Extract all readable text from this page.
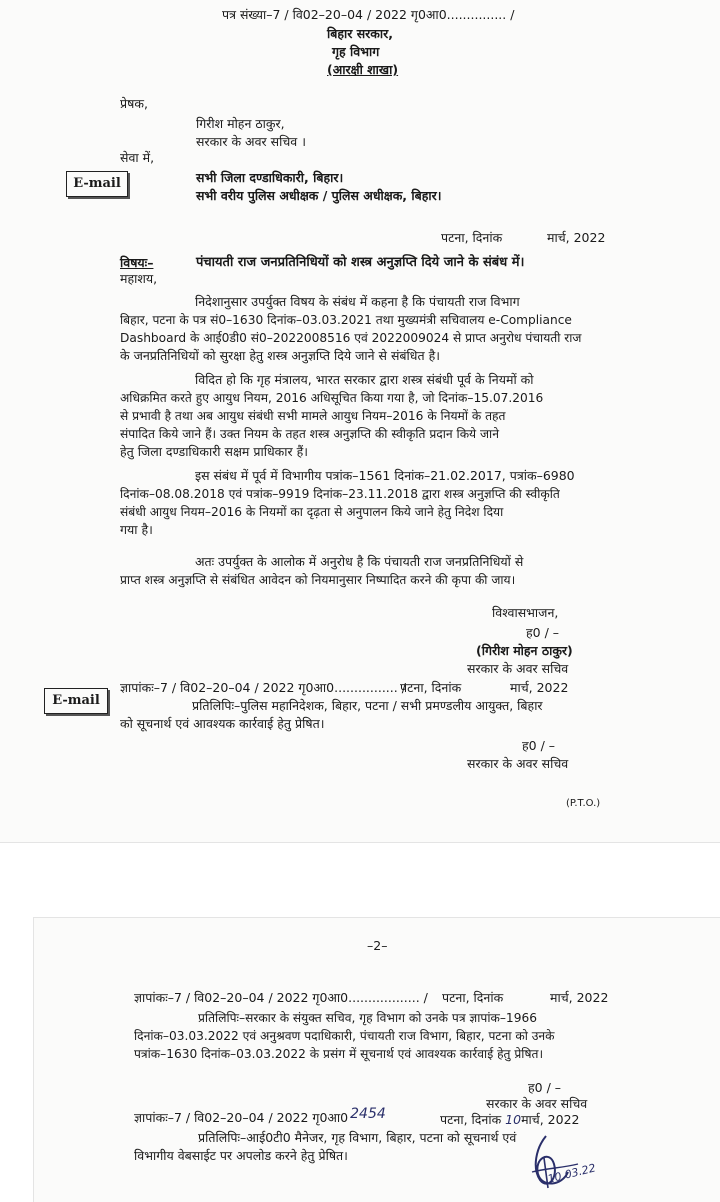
पत्र संख्या–7 / वि02–20–04 / 2022 गृ0आ0............... /
बिहार सरकार,
गृह विभाग
(आरक्षी शाखा)
प्रेषक,
गिरीश मोहन ठाकुर,
सरकार के अवर सचिव ।
सेवा में,
E-mail	सभी जिला दण्डाधिकारी, बिहार।
सभी वरीय पुलिस अधीक्षक / पुलिस अधीक्षक, बिहार।
पटना, दिनांक	मार्च, 2022
विषयः–	पंचायती राज जनप्रतिनिधियों को शस्त्र अनुज्ञप्ति दिये जाने के संबंध में।
महाशय,
निदेशानुसार उपर्युक्त विषय के संबंध में कहना है कि पंचायती राज विभाग
बिहार, पटना के पत्र सं0–1630 दिनांक–03.03.2021 तथा मुख्यमंत्री सचिवालय e-Compliance
Dashboard के आई0डी0 सं0–2022008516 एवं 2022009024 से प्राप्त अनुरोध पंचायती राज
के जनप्रतिनिधियों को सुरक्षा हेतु शस्त्र अनुज्ञप्ति दिये जाने से संबंधित है।
विदित हो कि गृह मंत्रालय, भारत सरकार द्वारा शस्त्र संबंधी पूर्व के नियमों को
अधिक्रमित करते हुए आयुध नियम, 2016 अधिसूचित किया गया है, जो दिनांक–15.07.2016
से प्रभावी है तथा अब आयुध संबंधी सभी मामले आयुध नियम–2016 के नियमों के तहत
संपादित किये जाने हैं। उक्त नियम के तहत शस्त्र अनुज्ञप्ति की स्वीकृति प्रदान किये जाने
हेतु जिला दण्डाधिकारी सक्षम प्राधिकार हैं।
इस संबंध में पूर्व में विभागीय पत्रांक–1561 दिनांक–21.02.2017, पत्रांक–6980
दिनांक–08.08.2018 एवं पत्रांक–9919 दिनांक–23.11.2018 द्वारा शस्त्र अनुज्ञप्ति की स्वीकृति
संबंधी आयुध नियम–2016 के नियमों का दृढ़ता से अनुपालन किये जाने हेतु निदेश दिया
गया है।
अतः उपर्युक्त के आलोक में अनुरोध है कि पंचायती राज जनप्रतिनिधियों से
प्राप्त शस्त्र अनुज्ञप्ति से संबंधित आवेदन को नियमानुसार निष्पादित करने की कृपा की जाय।
विश्वासभाजन,
ह0 / –
(गिरीश मोहन ठाकुर)
सरकार के अवर सचिव
E-mail
ज्ञापांकः–7 / वि02–20–04 / 2022 गृ0आ0................ /
पटना, दिनांक	मार्च, 2022
प्रतिलिपिः–पुलिस महानिदेशक, बिहार, पटना / सभी प्रमण्डलीय आयुक्त, बिहार
को सूचनार्थ एवं आवश्यक कार्रवाई हेतु प्रेषित।
ह0 / –
सरकार के अवर सचिव
(P.T.O.)
–2–
ज्ञापांकः–7 / वि02–20–04 / 2022 गृ0आ0.................. / पटना, दिनांक	मार्च, 2022
प्रतिलिपिः–सरकार के संयुक्त सचिव, गृह विभाग को उनके पत्र ज्ञापांक–1966
दिनांक–03.03.2022 एवं अनुश्रवण पदाधिकारी, पंचायती राज विभाग, बिहार, पटना को उनके
पत्रांक–1630 दिनांक–03.03.2022 के प्रसंग में सूचनार्थ एवं आवश्यक कार्रवाई हेतु प्रेषित।
ह0 / –
सरकार के अवर सचिव
ज्ञापांकः–7 / वि02–20–04 / 2022 गृ0आ0 2454	पटना, दिनांक 10मार्च, 2022
प्रतिलिपिः–आई0टी0 मैनेजर, गृह विभाग, बिहार, पटना को सूचनार्थ एवं
विभागीय वेबसाईट पर अपलोड करने हेतु प्रेषित।
10.03.22
